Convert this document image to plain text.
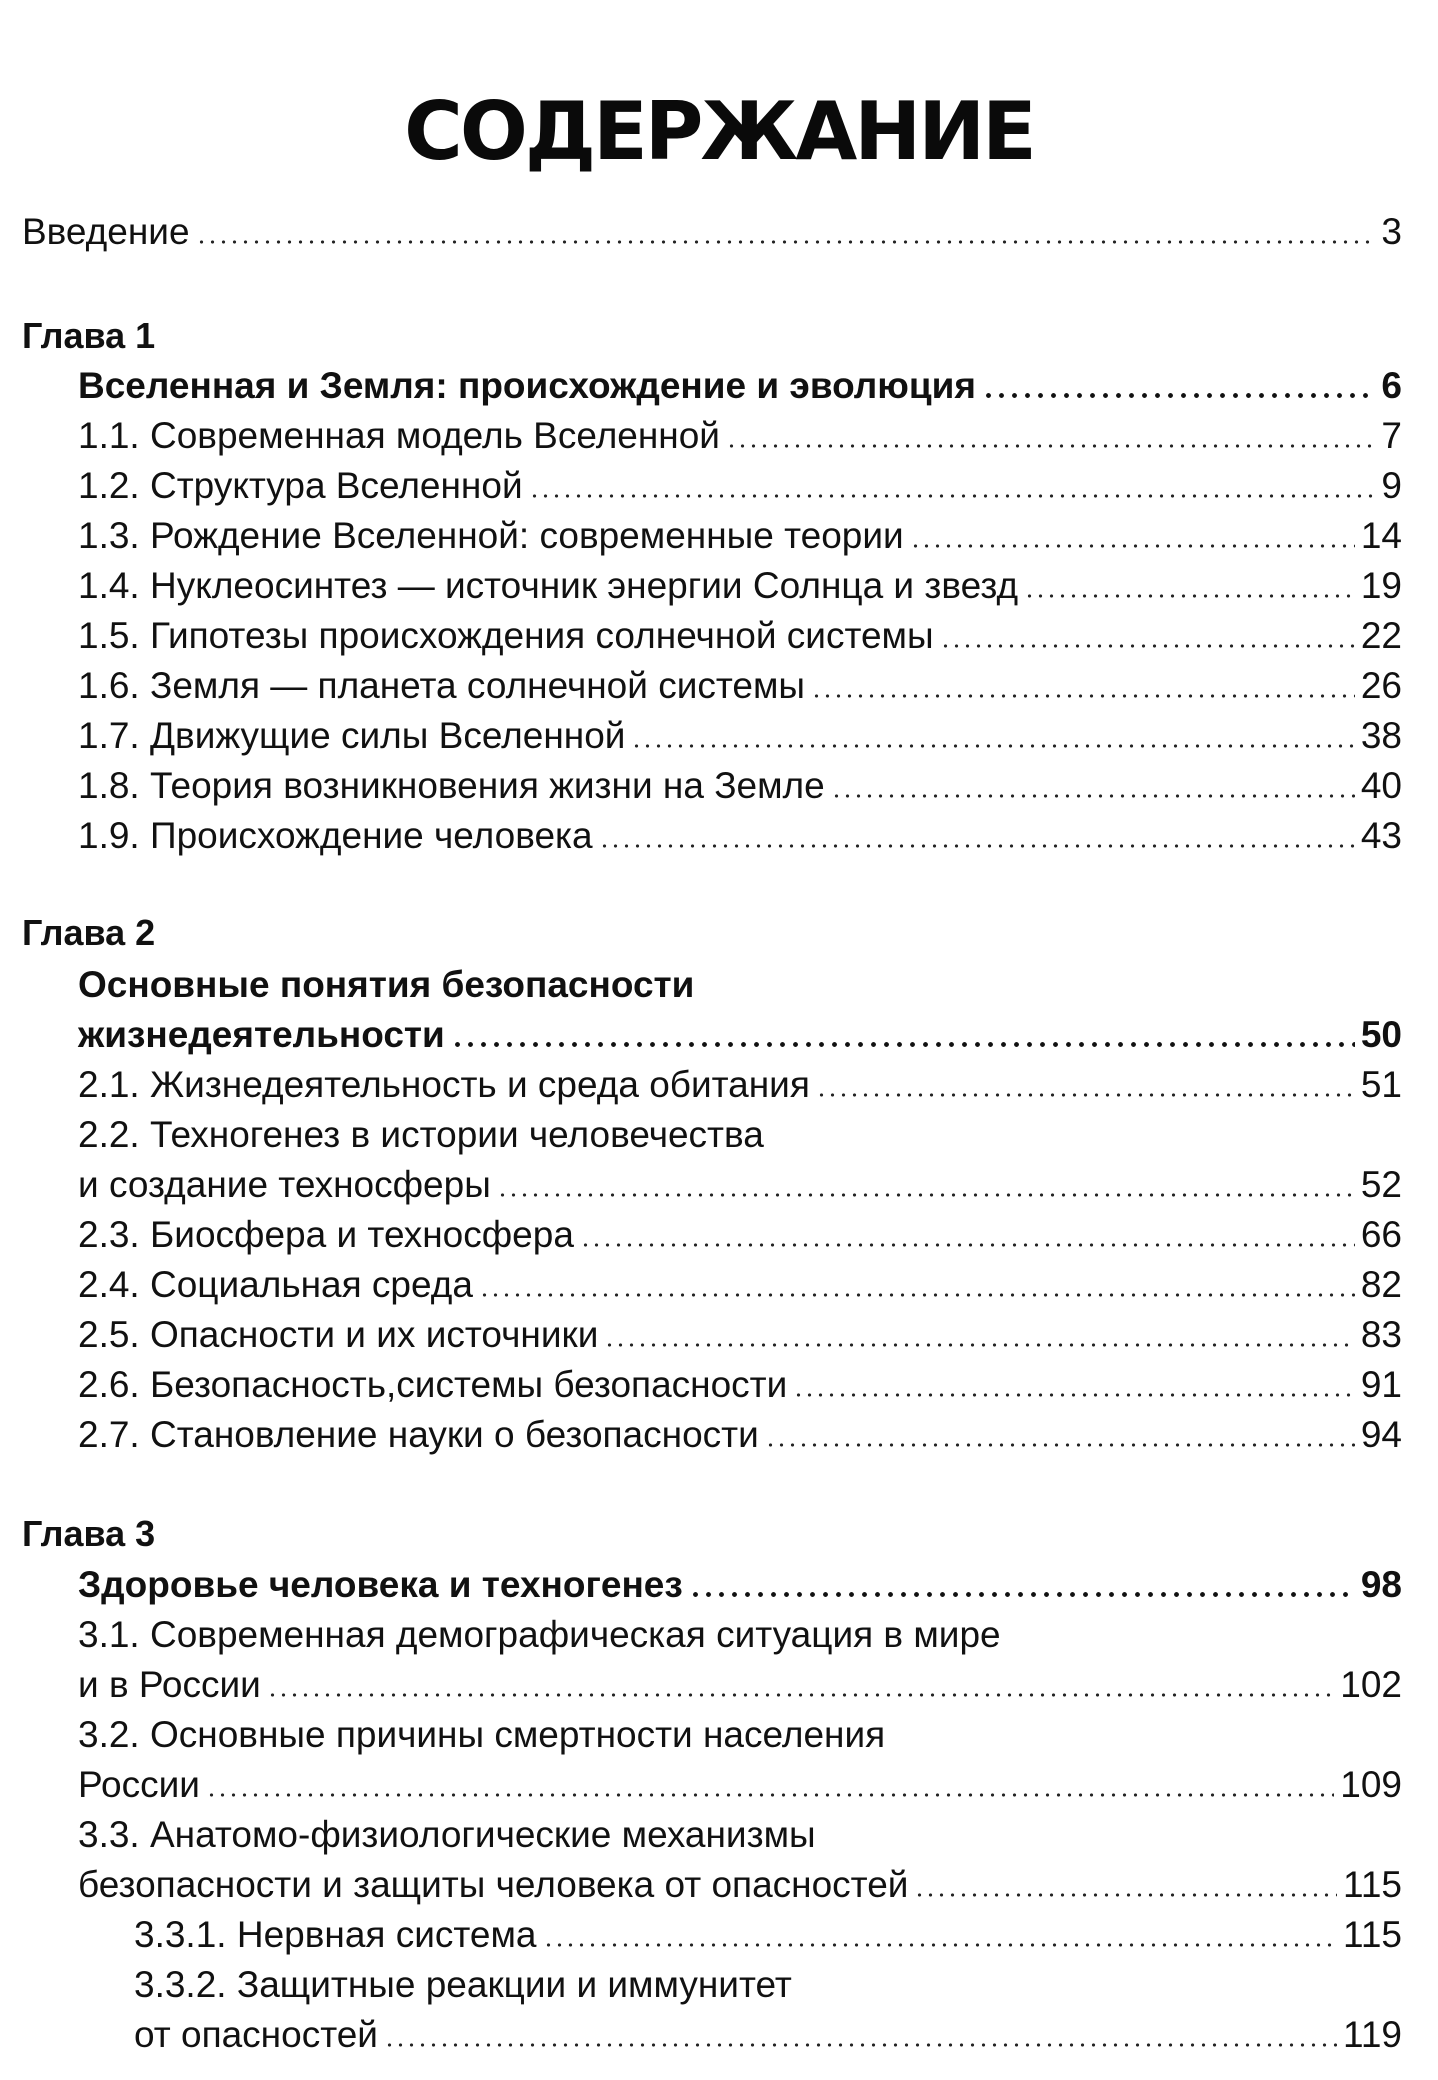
СОДЕРЖАНИЕ
Введение	3
Глава 1
Вселенная и Земля: происхождение и эволюция	6
1.1. Современная модель Вселенной	7
1.2. Структура Вселенной	9
1.3. Рождение Вселенной: современные теории	14
1.4. Нуклеосинтез — источник энергии Солнца и звезд	19
1.5. Гипотезы происхождения солнечной системы	22
1.6. Земля — планета солнечной системы	26
1.7. Движущие силы Вселенной	38
1.8. Теория возникновения жизни на Земле	40
1.9. Происхождение человека	43
Глава 2
Основные понятия безопасности
жизнедеятельности	50
2.1. Жизнедеятельность и среда обитания	51
2.2. Техногенез в истории человечества
и создание техносферы	52
2.3. Биосфера и техносфера	66
2.4. Социальная среда	82
2.5. Опасности и их источники	83
2.6. Безопасность,системы безопасности	91
2.7. Становление науки о безопасности	94
Глава 3
Здоровье человека и техногенез	98
3.1. Современная демографическая ситуация в мире
и в России	102
3.2. Основные причины смертности населения
России	109
3.3. Анатомо-физиологические механизмы
безопасности и защиты человека от опасностей	115
3.3.1. Нервная система	115
3.3.2. Защитные реакции и иммунитет
от опасностей	119
